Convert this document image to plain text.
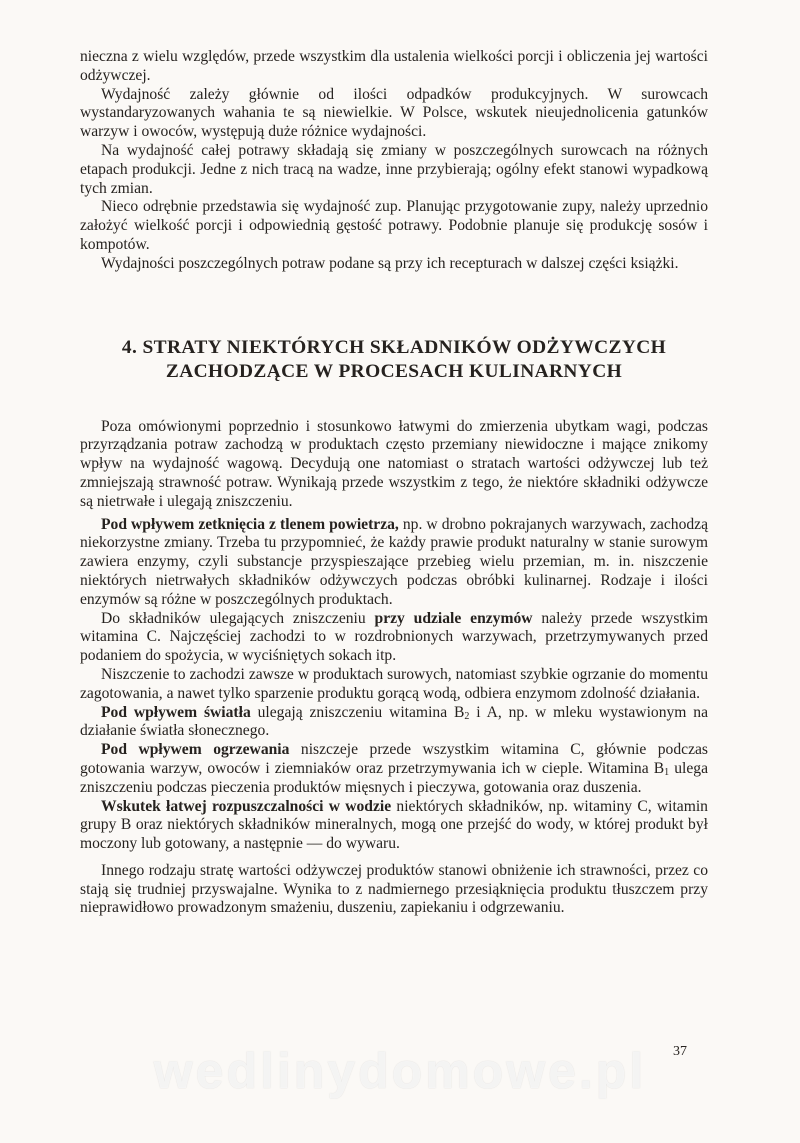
nieczna z wielu względów, przede wszystkim dla ustalenia wielkości porcji i obliczenia jej wartości odżywczej.

Wydajność zależy głównie od ilości odpadków produkcyjnych. W surowcach wystandaryzowanych wahania te są niewielkie. W Polsce, wskutek nieujednolicenia gatunków warzyw i owoców, występują duże różnice wydajności.

Na wydajność całej potrawy składają się zmiany w poszczególnych surowcach na różnych etapach produkcji. Jedne z nich tracą na wadze, inne przybierają; ogólny efekt stanowi wypadkową tych zmian.

Nieco odrębnie przedstawia się wydajność zup. Planując przygotowanie zupy, należy uprzednio założyć wielkość porcji i odpowiednią gęstość potrawy. Podobnie planuje się produkcję sosów i kompotów.

Wydajności poszczególnych potraw podane są przy ich recepturach w dalszej części książki.

4. STRATY NIEKTÓRYCH SKŁADNIKÓW ODŻYWCZYCH
ZACHODZĄCE W PROCESACH KULINARNYCH

Poza omówionymi poprzednio i stosunkowo łatwymi do zmierzenia ubytkam wagi, podczas przyrządzania potraw zachodzą w produktach często przemiany niewidoczne i mające znikomy wpływ na wydajność wagową. Decydują one natomiast o stratach wartości odżywczej lub też zmniejszają strawność potraw. Wynikają przede wszystkim z tego, że niektóre składniki odżywcze są nietrwałe i ulegają zniszczeniu.

Pod wpływem zetknięcia z tlenem powietrza, np. w drobno pokrajanych warzywach, zachodzą niekorzystne zmiany. Trzeba tu przypomnieć, że każdy prawie produkt naturalny w stanie surowym zawiera enzymy, czyli substancje przyspieszające przebieg wielu przemian, m. in. niszczenie niektórych nietrwałych składników odżywczych podczas obróbki kulinarnej. Rodzaje i ilości enzymów są różne w poszczególnych produktach.

Do składników ulegających zniszczeniu przy udziale enzymów należy przede wszystkim witamina C. Najczęściej zachodzi to w rozdrobnionych warzywach, przetrzymywanych przed podaniem do spożycia, w wyciśniętych sokach itp.

Niszczenie to zachodzi zawsze w produktach surowych, natomiast szybkie ogrzanie do momentu zagotowania, a nawet tylko sparzenie produktu gorącą wodą, odbiera enzymom zdolność działania.

Pod wpływem światła ulegają zniszczeniu witamina $B_2$ i A, np. w mleku wystawionym na działanie światła słonecznego.

Pod wpływem ogrzewania niszczeje przede wszystkim witamina C, głównie podczas gotowania warzyw, owoców i ziemniaków oraz przetrzymywania ich w cieple. Witamina $B_1$ ulega zniszczeniu podczas pieczenia produktów mięsnych i pieczywa, gotowania oraz duszenia.

Wskutek łatwej rozpuszczalności w wodzie niektórych składników, np. witaminy C, witamin grupy B oraz niektórych składników mineralnych, mogą one przejść do wody, w której produkt był moczony lub gotowany, a następnie — do wywaru.

Innego rodzaju stratę wartości odżywczej produktów stanowi obniżenie ich strawności, przez co stają się trudniej przyswajalne. Wynika to z nadmiernego przesiąknięcia produktu tłuszczem przy nieprawidłowo prowadzonym smażeniu, duszeniu, zapiekaniu i odgrzewaniu.

wedlinydomowe.pl	37
